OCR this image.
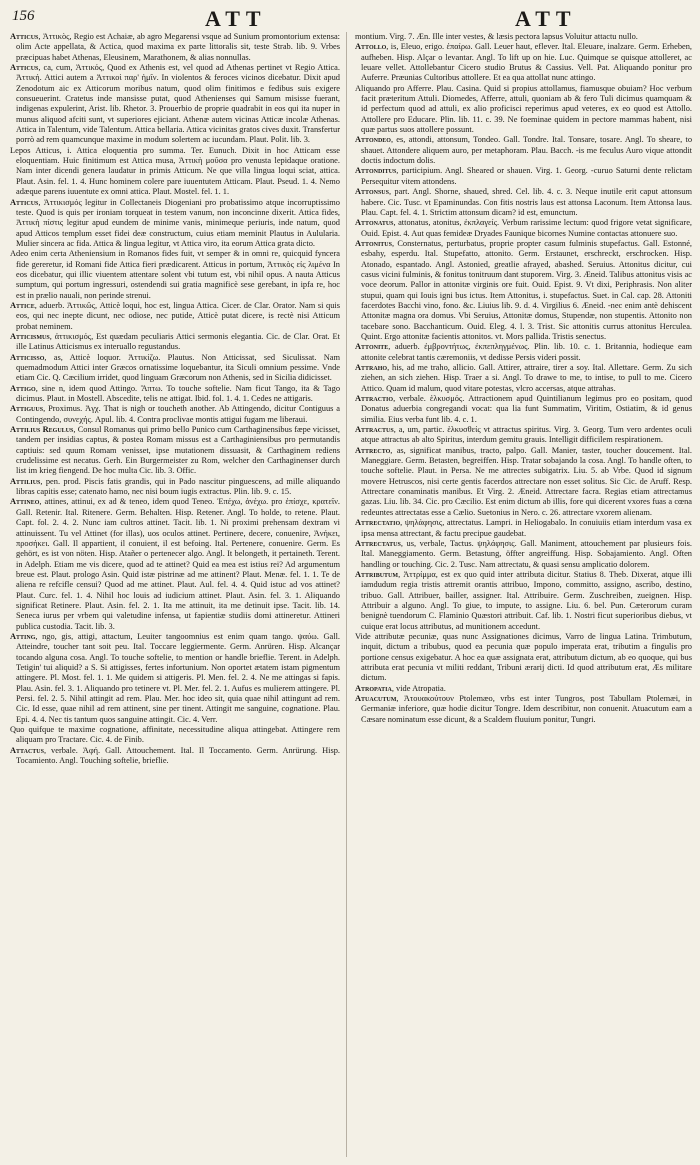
156	ATT	ATT

Atticus, Ἀττικὸς, Regio est Achaiæ, ab agro Megarensi vsque ad Sunium promontorium extensa: olim Acte appellata, & Actica, quod maxima ex parte littoralis sit, teste Strab. lib. 9. Vrbes præcipuas habet Athenas, Eleusinem, Marathonem, & alias nonnullas.

Atticus, ca, cum, Ἀττικός, Quod ex Athenis est, vel quod ad Athenas pertinet vt Regio Attica. Ἀττική. Attici autem a Ἀττικοὶ παρ' ἡμῖν. In violentos & feroces vicinos dicebatur. Dixit apud Zenodotum aic ex Atticorum moribus natum, quod olim finitimos e fedibus suis exigere consueuerint. Cratetus inde mansisse putat, quod Athenienses qui Samum misisse fuerant, indigenas expulerint, Arist. lib. Rhetor. 3. Prouerbio de proprie quadrabit in eos qui ita nuper in munus aliquod afciti sunt, vt superiores ejiciant. Athenæ autem vicinas Atticæ incolæ Athenas. Attica in Talentum, vide Talentum. Attica bellaria. Attica vicinitas gratos cives duxit. Transfertur porrò ad rem quamcunque maxime in modum solertem ac iucundam. Plaut. Polit. lib. 3.

Lepos Atticus, i. Attica eloquentia pro summa. Ter. Eunuch. Dixit in hoc Atticam esse eloquentiam. Huic finitimum est Attica musa, Ἀττικὴ μοῦσα pro venusta lepidaque oratione. Nam inter dicendi genera laudatur in primis Atticum. Ne que villa lingua loqui sciat, attica. Plaut. Asin. fel. 1. 4. Hunc hominem colere pare iuuentutem Atticam. Plaut. Pseud. 1. 4. Nemo adæque parens iuuentute ex omni attica. Plaut. Mostel. fel. 1. 1.

Atticus, Ἀττικισμός legitur in Collectaneis Diogeniani pro probatissimo atque incorruptissimo teste. Quod is quis per ironiam torqueat in testem vanum, non inconcinne dixerit. Attica fides, Ἀττικὴ πίστις legitur apud eundem de minime vanis, minimeque periuris, inde natum, quod apud Atticos templum esset fidei deæ constructum, cuius etiam meminit Plautus in Aulularia. Mulier sincera ac fida. Attica & lingua legitur, vt Attica viro, ita eorum Attica grata dicto.

Adeo enim certa Atheniensium in Romanos fides fuit, vt semper & in omni re, quicquid fyncera fide gereretur, id Romani fide Attica fieri prædicarent. Atticus in portum, Ἀττικὸς εἰς λιμένα In eos dicebatur, qui illic viuentem attentare solent vbi tutum est, vbi nihil opus. A nauta Atticus sumptum, qui portum ingressuri, ostendendi sui gratia magnificè sese gerebant, in ipfa re, hoc est in prælio nauali, non perinde strenui.

Attice, aduerb. Ἀττικῶς, Atticè loqui, hoc est, lingua Attica. Cicer. de Clar. Orator. Nam si quis eos, qui nec inepte dicunt, nec odiose, nec putide, Atticè putat dicere, is rectè nisi Atticum probat neminem.

Atticismus, ἀττικισμός, Est quædam peculiaris Attici sermonis elegantia. Cic. de Clar. Orat. Et ille Latinus Atticismus ex interuallo regustandus.

Atticisso, as, Atticè loquor. Ἀττικίζω. Plautus. Non Atticissat, sed Siculissat. Nam quemadmodum Attici inter Græcos ornatissime loquebantur, ita Siculi omnium pessime. Vnde etiam Cic. Q. Cæcilium irridet, quod linguam Græcorum non Athenis, sed in Sicilia didicisset.

Attigo, sine n, idem quod Attingo. Ἅπτω. To touche softelie. Nam ficut Tango, ita & Tago dicimus. Plaut. in Mostell. Abscedite, telis ne attigat. Ibid. fol. 1. 4. 1. Cedes ne attigaris.

Attiguus, Proximus. Ἀγχ. That is nigh or toucheth another. Ab Attingendo, dicitur Contiguus a Contingendo, συνεχής. Apul. lib. 4. Contra proclivae montis attigui fugam me liberaui.

Attilius Regulus, Consul Romanus qui primo bello Punico cum Carthaginensibus fæpe vicisset, tandem per insidias captus, & postea Romam missus est a Carthaginiensibus pro permutandis captiuis: sed quum Romam venisset, ipse mutationem dissuasit, & Carthaginem rediens crudelissime est necatus. Gerh. Ein Burgermeister zu Rom, welcher den Carthaginenser durch list im krieg fiengend. De hoc multa Cic. lib. 3. Offic.

Attilius, pen. prod. Piscis fatis grandis, qui in Pado nascitur pinguescens, ad mille aliquando libras capitis esse; catenato hamo, nec nisi boum iugis extractus. Plin. lib. 9. c. 15.

Attineo, attines, attinui, ex ad & teneo, idem quod Teneo. Ἐπέχω, ἀνέχω. pro ἐπίσχε, κρατεῖν. Gall. Retenir. Ital. Ritenere. Germ. Behalten. Hisp. Retener. Angl. To holde, to retene. Plaut. Capt. fol. 2. 4. 2. Nunc iam cultros attinet. Tacit. lib. 1. Ni proximi prehensam dextram vi attinuissent. Tu vel Attinet (for illas), uos oculos attinet. Pertinere, decere, conuenire, Ἀνήκει, προσήκει. Gall. Il appartient, il conuient, il est befoing. Ital. Pertenere, conuenire. Germ. Es gehört, es ist von nöten. Hisp. Atañer o pertenecer algo. Angl. It belongeth, it pertaineth. Terent. in Adelph. Etiam me vis dicere, quod ad te attinet? Quid ea mea est istius rei? Ad argumentum breue est. Plaut. prologo Asin. Quid istæ pistrinæ ad me attinent? Plaut. Menæ. fel. 1. 1. Te de aliena re refcifle censui? Quod ad me attinet. Plaut. Aul. fel. 4. 4. Quid istuc ad vos attinet? Plaut. Curc. fel. 1. 4. Nihil hoc louis ad iudicium attinet. Plaut. Asin. fel. 3. 1. Aliquando significat Retinere. Plaut. Asin. fel. 2. 1. Ita me attinuit, ita me detinuit ipse. Tacit. lib. 14. Seneca iurus per vrbem qui valetudine infensa, ut fapientiæ studiis domi attineretur. Attineri publica custodia. Tacit. lib. 3.

Atting, ngo, gis, attigi, attactum, Leuiter tangoomnius est enim quam tango. ψαύω. Gall. Atteindre, toucher tant soit peu. Ital. Toccare leggiermente. Germ. Anrüren. Hisp. Alcançar tocando alguna cosa. Angl. To touche softelie, to mention or handle brieflie. Terent. in Adelph. Tetigin' tui aliquid? a S. Si attigisses, fertes infortunium. Non oportet ætatem istam pigmentum attingere. Pl. Most. fel. 1. 1. Me quidem si attigeris. Pl. Men. fel. 2. 4. Ne me attingas si fapis. Plau. Asin. fel. 3. 1. Aliquando pro tetinere vt. Pl. Mer. fel. 2. 1. Aufus es mulierem attingere. Pl. Persi. fel. 2. 5. Nihil attingit ad rem. Plau. Mer. hoc ideo sit, quia quae nihil attingunt ad rem. Cic. Id esse, quae nihil ad rem attinent, sine per tinent. Attingit me sanguine, cognatione. Plau. Epi. 4. 4. Nec tis tantum quos sanguine attingit. Cic. 4. Verr.

Quo quifque te maxime cognatione, affinitate, necessitudine aliqua attingebat. Attingere rem aliquam pro Tractare. Cic. 4. de Finib.

Attactus, verbale. Ἁφή. Gall. Attouchement. Ital. Il Toccamento. Germ. Anrürung. Hisp. Tocamiento. Angl. Touching softelie, brieflie.

montium. Virg. 7. Æn. Ille inter vestes, & læsis pectora lapsus Voluitur attactu nullo.

Attollo, is, Eleuo, erigo. ἐπαίρω. Gall. Leuer haut, eflever. Ital. Eleuare, inalzare. Germ. Erheben, aufheben. Hisp. Alçar o levantar. Angl. To lift up on hie. Luc. Quimque se quisque attolleret, ac leuare vellet. Attollebantur Cicero studio Brutus & Cassius. Vell. Pat. Aliquando ponitur pro Auferre. Præunias Cultoribus attollere. Et ea qua attollat nunc attingo.

Aliquando pro Afferre. Plau. Casina. Quid si propius attollamus, fiamusque obuiam? Hoc verbum facit præteritum Attuli. Diomedes, Afferre, attuli, quoniam ab & fero Tuli dicimus quamquam & id perfectum quod ad attuli, ex alio proficisci reperimus apud veteres, ex eo quod est Attollo. Attollere pro Educare. Plin. lib. 11. c. 39. Ne foeminae quidem in pectore mammas habent, nisi quæ partus suos attollere possunt.

Attondeo, es, attondi, attonsum, Tondeo. Gall. Tondre. Ital. Tonsare, tosare. Angl. To sheare, to shauet. Attondere aliquem auro, per metaphoram. Plau. Bacch. -is me feculus Auro vique attondit doctis indoctum dolis.

Attonditus, participium. Angl. Sheared or shauen. Virg. 1. Georg. -curuo Saturni dente relictam Persequitur vitem attondens.

Attonsus, part. Angl. Shorne, shaued, shred. Cel. lib. 4. c. 3. Neque inutile erit caput attonsum habere. Cic. Tusc. vt Epaminundas. Con fitis nostris laus est attonsa Laconum. Item Attonsa laus. Plau. Capt. fel. 4. 1. Strictim attonsum dicam? id est, emunctum.

Attonatus, attonatus, atonitus, ἐκπλαγείς. Verbum rarissime lectum: quod frigore vetat significare, Ouid. Epist. 4. Aut quas femideæ Dryades Faunique bicornes Numine contactas attonuere suo.

Attonitus, Consternatus, perturbatus, proprie propter casum fulminis stupefactus. Gall. Estonné, esbahy, esperdu. Ital. Stupefatto, attonito. Germ. Erstaunet, erschreckt, erschrocken. Hisp. Atonado, espantado. Angl. Astonied, greatlie afrayed, abashed. Seruius. Attonitus dicitur, cui casus vicini fulminis, & fonitus tonitruum dant stuporem. Virg. 3. Æneid. Talibus attonitus visis ac voce deorum. Pallor in attonitæ virginis ore fuit. Ouid. Epist. 9. Vt dixi, Periphrasis. Non aliter stupui, quam qui Iouis igni bus ictus. Item Attonitus, i. stupefactus. Suet. in Cal. cap. 28. Attoniti facerdotes Bacchi vino, fono. &c. Liuius lib. 9. d. 4. Virgilius 6. Æneid. -nec enim antè dehiscent Attonitæ magna ora domus. Vbi Seruius, Attonitæ domus, Stupendæ, non stupentis. Attonito non tacebare sono. Bacchanticum. Ouid. Eleg. 4. l. 3. Trist. Sic attonitis currus attonitus Herculea. Quint. Ergo attonitæ facientis attonitos. vt. Mors pallida. Tristis senectus.

Attonite, aduerb. ἐμβροντήτως, ἐκπεπληγμένως. Plin. lib. 10. c. 1. Britannia, hodieque eam attonite celebrat tantis cæremoniis, vt dedisse Persis videri possit.

Attraho, his, ad me traho, allicio. Gall. Attirer, attraire, tirer a soy. Ital. Allettare. Germ. Zu sich ziehen, an sich ziehen. Hisp. Traer a si. Angl. To drawe to me, to intise, to pull to me. Cicero Attico. Quam id malum, quod vitare potestas, vlcro accersas, atque attrahas.

Attractio, verbale. ἑλκυσμός. Attractionem apud Quintilianum legimus pro eo positam, quod Donatus aduerbia congregandi vocat: qua lia funt Summatim, Viritim, Ostiatim, & id genus similia. Eius verba funt lib. 4. c. 1.

Attractus, a, um, partic. ἑλκυσθείς vt attractus spiritus. Virg. 3. Georg. Tum vero ardentes oculi atque attractus ab alto Spiritus, interdum gemitu grauis. Intelligit difficilem respirationem.

Attrecto, as, significat manibus, tracto, palpo. Gall. Manier, taster, toucher doucement. Ital. Maneggiare. Germ. Betasten, begreiffen. Hisp. Tratar sobajando la cosa. Angl. To handle often, to touche softelie. Plaut. in Persa. Ne me attrectes subigatrix. Liu. 5. ab Vrbe. Quod id signum movere Hetruscos, nisi certe gentis facerdos attrectare non esset solitus. Sic Cic. de Aruff. Resp. Attrectare conaminatis manibus. Et Virg. 2. Æneid. Attrectare facra. Regias etiam attrectamus gazas. Liu. lib. 34. Cic. pro Cæcilio. Est enim dictum ab illis, fore qui dicerent vxores fuas a cœna redeuntes attrectatas esse a Cælio. Suetonius in Nero. c. 26. attrectare vxorem alienam.

Attrectatio, ψηλάφησις, attrectatus. Lampri. in Heliogabalo. In conuiuiis etiam interdum vasa ex ipsa mensa attrectant, & factu precipue gaudebat.

Attrectatus, us, verbale, Tactus. ψηλάφησις. Gall. Maniment, attouchement par plusieurs fois. Ital. Maneggiamento. Germ. Betastung, öffter angreiffung. Hisp. Sobajamiento. Angl. Often handling or touching. Cic. 2. Tusc. Nam attrectatu, & quasi sensu amplicatio dolorem.

Attributum, Ἀττρίμμα, est ex quo quid inter attributa dicitur. Statius 8. Theb. Dixerat, atque illi iamdudum regia tristis attremit orantis attribuo, Impono, committo, assigno, ascribo, destino, tribuo. Gall. Attribuer, bailler, assigner. Ital. Attribuire. Germ. Zuschreiben, zueignen. Hisp. Attribuir a alguno. Angl. To giue, to impute, to assigne. Liu. 6. bel. Pun. Cæterorum curam benignè tuendorum C. Flaminio Quæstori attribuit. Caf. lib. 1. Nostri ficut superioribus diebus, vt cuique erat locus attributus, ad munitionem accedunt.

Vide attributæ pecuniæ, quas nunc Assignationes dicimus, Varro de lingua Latina. Trimbutum, inquit, dictum a tribubus, quod ea pecunia quæ populo imperata erat, tributim a fingulis pro portione census exigebatur. A hoc ea quæ assignata erat, attributum dictum, ab eo quoque, qui bus attributa erat pecunia vt militi reddant, Tribuni ærarij dicti. Id quod attributum erat, Æs militare dictum.

Atropatia, vide Atropatia.

Atuacutum, Ἀτουακούτουν Ptolemæo, vrbs est inter Tungros, post Tabullam Ptolemæi, in Germaniæ inferiore, quæ hodie dicitur Tongre. Idem describitur, non conuenit. Atuacutum eam a Cæsare nominatum esse dicunt, & a Scaldem fluuium ponitur, Tungri.
